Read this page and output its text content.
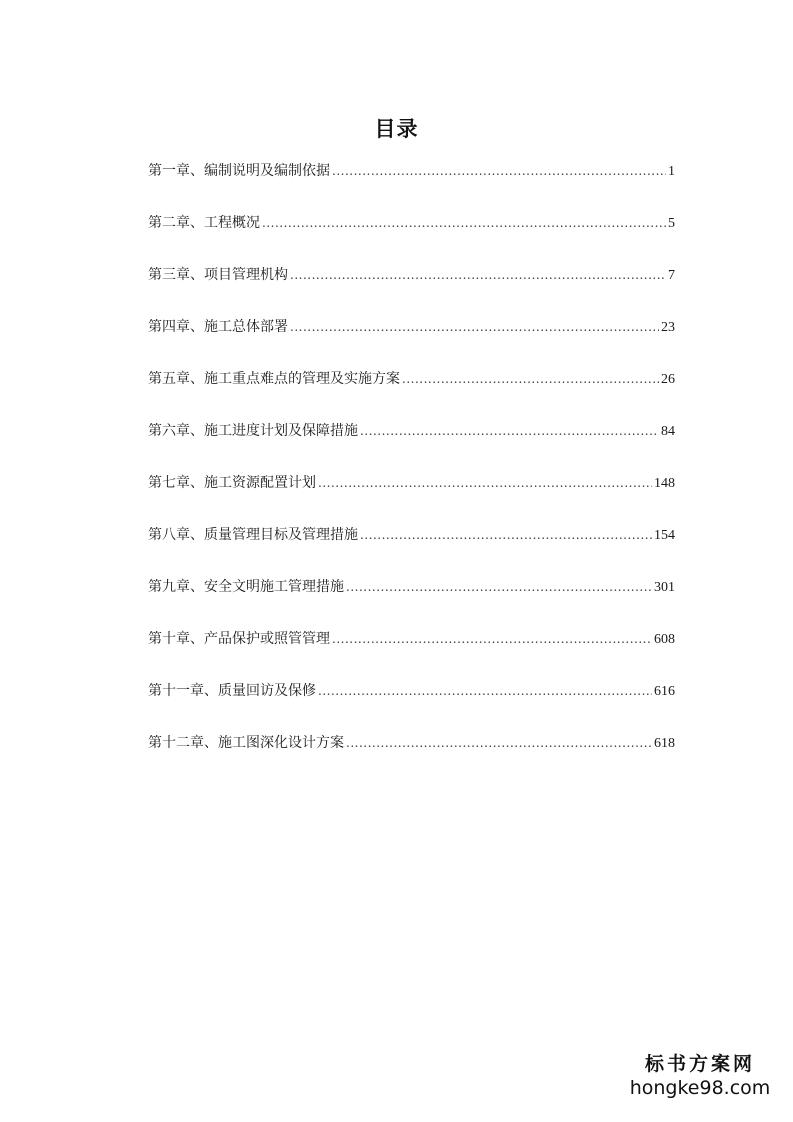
目录
第一章、编制说明及编制依据 .....	1
第二章、工程概况 .....	5
第三章、项目管理机构 .....	7
第四章、施工总体部署 .....	23
第五章、施工重点难点的管理及实施方案 .....	26
第六章、施工进度计划及保障措施 .....	84
第七章、施工资源配置计划 .....	148
第八章、质量管理目标及管理措施 .....	154
第九章、安全文明施工管理措施 .....	301
第十章、产品保护或照管管理 .....	608
第十一章、质量回访及保修 .....	616
第十二章、施工图深化设计方案 .....	618
标书方案网
hongke98.com
